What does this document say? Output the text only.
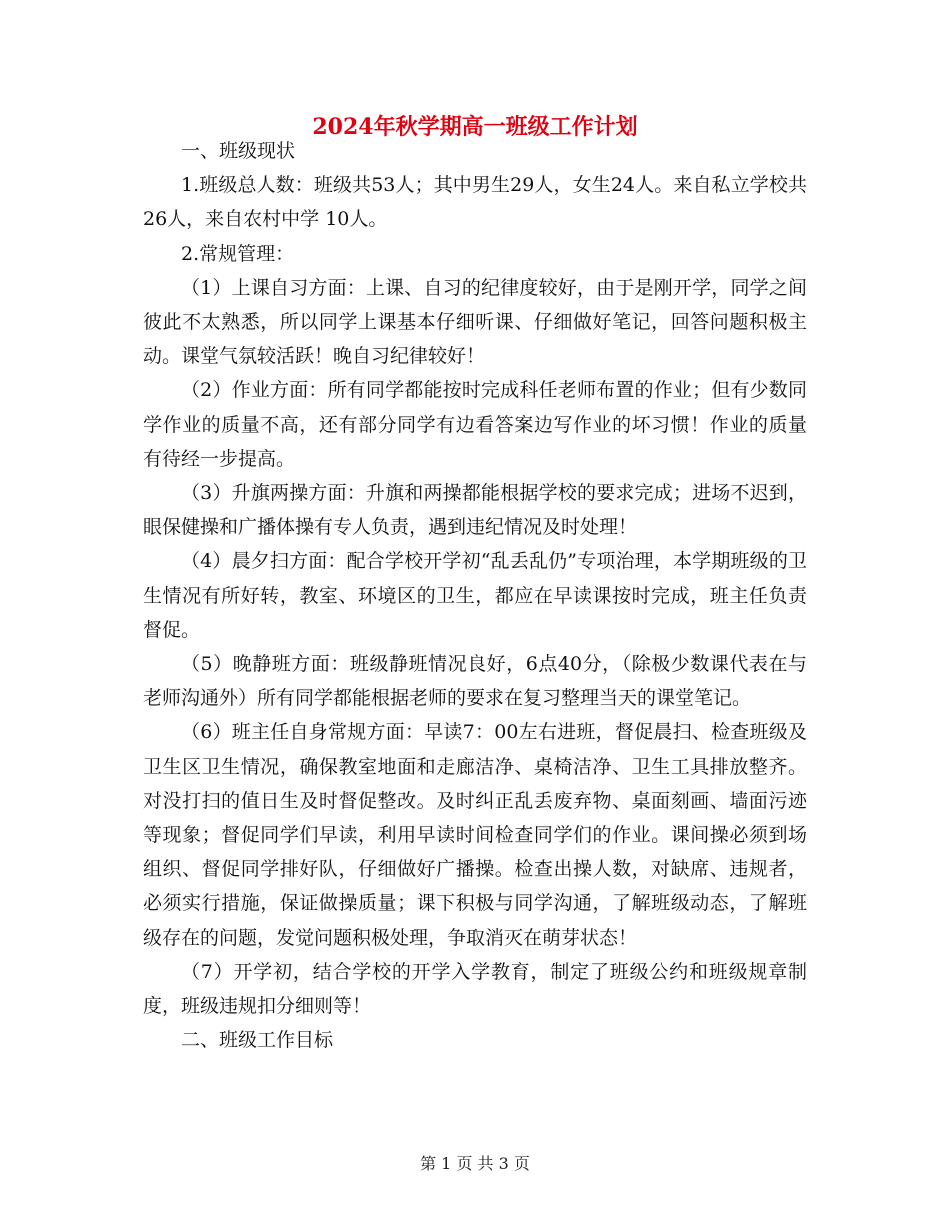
2024年秋学期高一班级工作计划

一、班级现状

1.班级总人数：班级共53人；其中男生29人，女生24人。来自私立学校共26人，来自农村中学 10人。

2.常规管理：

（1）上课自习方面：上课、自习的纪律度较好，由于是刚开学，同学之间彼此不太熟悉，所以同学上课基本仔细听课、仔细做好笔记，回答问题积极主动。课堂气氛较活跃！晚自习纪律较好！

（2）作业方面：所有同学都能按时完成科任老师布置的作业；但有少数同学作业的质量不高，还有部分同学有边看答案边写作业的坏习惯！作业的质量有待经一步提高。

（3）升旗两操方面：升旗和两操都能根据学校的要求完成；进场不迟到，眼保健操和广播体操有专人负责，遇到违纪情况及时处理！

（4）晨夕扫方面：配合学校开学初“乱丢乱仍”专项治理，本学期班级的卫生情况有所好转，教室、环境区的卫生，都应在早读课按时完成，班主任负责督促。

（5）晚静班方面：班级静班情况良好，6点40分，（除极少数课代表在与老师沟通外）所有同学都能根据老师的要求在复习整理当天的课堂笔记。

（6）班主任自身常规方面：早读7：00左右进班，督促晨扫、检查班级及卫生区卫生情况，确保教室地面和走廊洁净、桌椅洁净、卫生工具排放整齐。对没打扫的值日生及时督促整改。及时纠正乱丢废弃物、桌面刻画、墙面污迹等现象；督促同学们早读，利用早读时间检查同学们的作业。课间操必须到场组织、督促同学排好队，仔细做好广播操。检查出操人数，对缺席、违规者，必须实行措施，保证做操质量；课下积极与同学沟通，了解班级动态，了解班级存在的问题，发觉问题积极处理，争取消灭在萌芽状态！

（7）开学初，结合学校的开学入学教育，制定了班级公约和班级规章制度，班级违规扣分细则等！

二、班级工作目标

第 1 页 共 3 页
